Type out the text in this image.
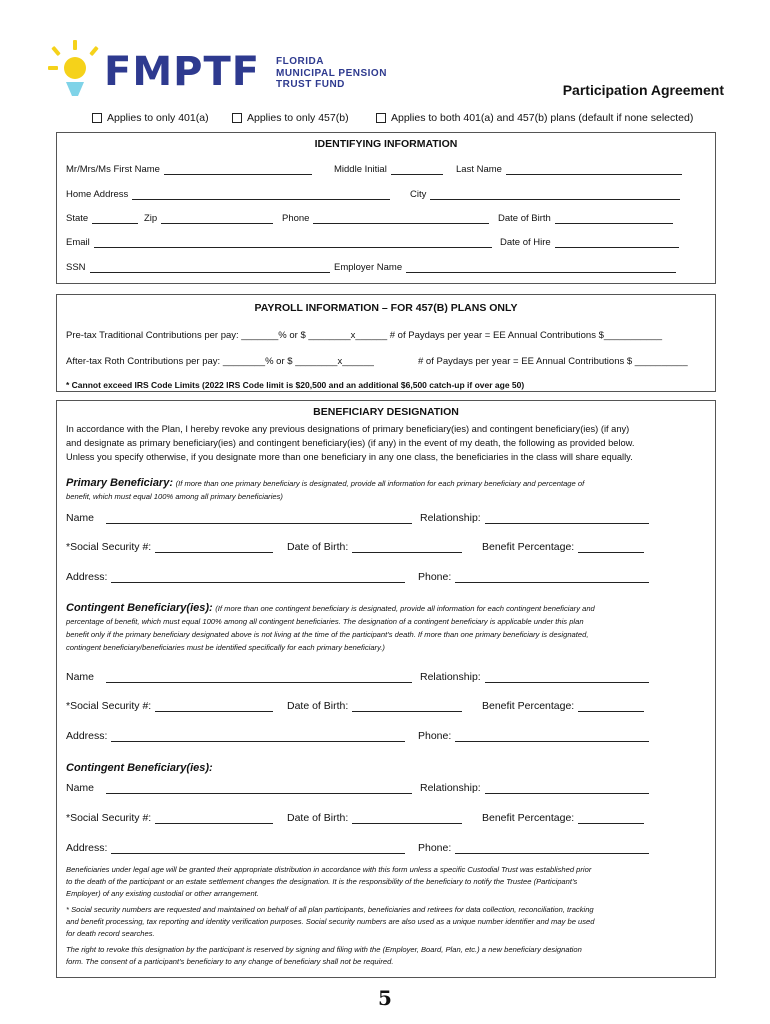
FMPTF FLORIDA
MUNICIPAL PENSION
TRUST FUND	Participation Agreement
Applies to only 401(a)	Applies to only 457(b)	Applies to both 401(a) and 457(b) plans (default if none selected)
IDENTIFYING INFORMATION
Mr/Mrs/Ms First Name	Middle Initial	Last Name
Home Address	City
State	Zip	Phone	Date of Birth
Email	Date of Hire
SSN	Employer Name
PAYROLL INFORMATION – FOR 457(B) PLANS ONLY
Pre-tax Traditional Contributions per pay: _______% or $ ________x______ # of Paydays per year = EE Annual Contributions $___________
After-tax Roth Contributions per pay: ________% or $ ________x______	# of Paydays per year = EE Annual Contributions $ __________
* Cannot exceed IRS Code Limits (2022 IRS Code limit is $20,500 and an additional $6,500 catch-up if over age 50)
BENEFICIARY DESIGNATION
In accordance with the Plan, I hereby revoke any previous designations of primary beneficiary(ies) and contingent beneficiary(ies) (if any)
and designate as primary beneficiary(ies) and contingent beneficiary(ies) (if any) in the event of my death, the following as provided below.
Unless you specify otherwise, if you designate more than one beneficiary in any one class, the beneficiaries in the class will share equally.
Primary Beneficiary: (If more than one primary beneficiary is designated, provide all information for each primary beneficiary and percentage of
benefit, which must equal 100% among all primary beneficiaries)
Name	Relationship:
*Social Security #:	Date of Birth:	Benefit Percentage:
Address:	Phone:
Contingent Beneficiary(ies): (If more than one contingent beneficiary is designated, provide all information for each contingent beneficiary and
percentage of benefit, which must equal 100% among all contingent beneficiaries. The designation of a contingent beneficiary is applicable under this plan
benefit only if the primary beneficiary designated above is not living at the time of the participant’s death. If more than one primary beneficiary is designated,
contingent beneficiary/beneficiaries must be identified specifically for each primary beneficiary.)
Name	Relationship:
*Social Security #:	Date of Birth:	Benefit Percentage:
Address:	Phone:
Contingent Beneficiary(ies):
Name	Relationship:
*Social Security #:	Date of Birth:	Benefit Percentage:
Address:	Phone:
Beneficiaries under legal age will be granted their appropriate distribution in accordance with this form unless a specific Custodial Trust was established prior
to the death of the participant or an estate settlement changes the designation. It is the responsibility of the beneficiary to notify the Trustee (Participant’s
Employer) of any existing custodial or other arrangement.
* Social security numbers are requested and maintained on behalf of all plan participants, beneficiaries and retirees for data collection, reconciliation, tracking
and benefit processing, tax reporting and identity verification purposes. Social security numbers are also used as a unique number identifier and may be used
for death record searches.
The right to revoke this designation by the participant is reserved by signing and filing with the (Employer, Board, Plan, etc.) a new beneficiary designation
form. The consent of a participant’s beneficiary to any change of beneficiary shall not be required.
5
